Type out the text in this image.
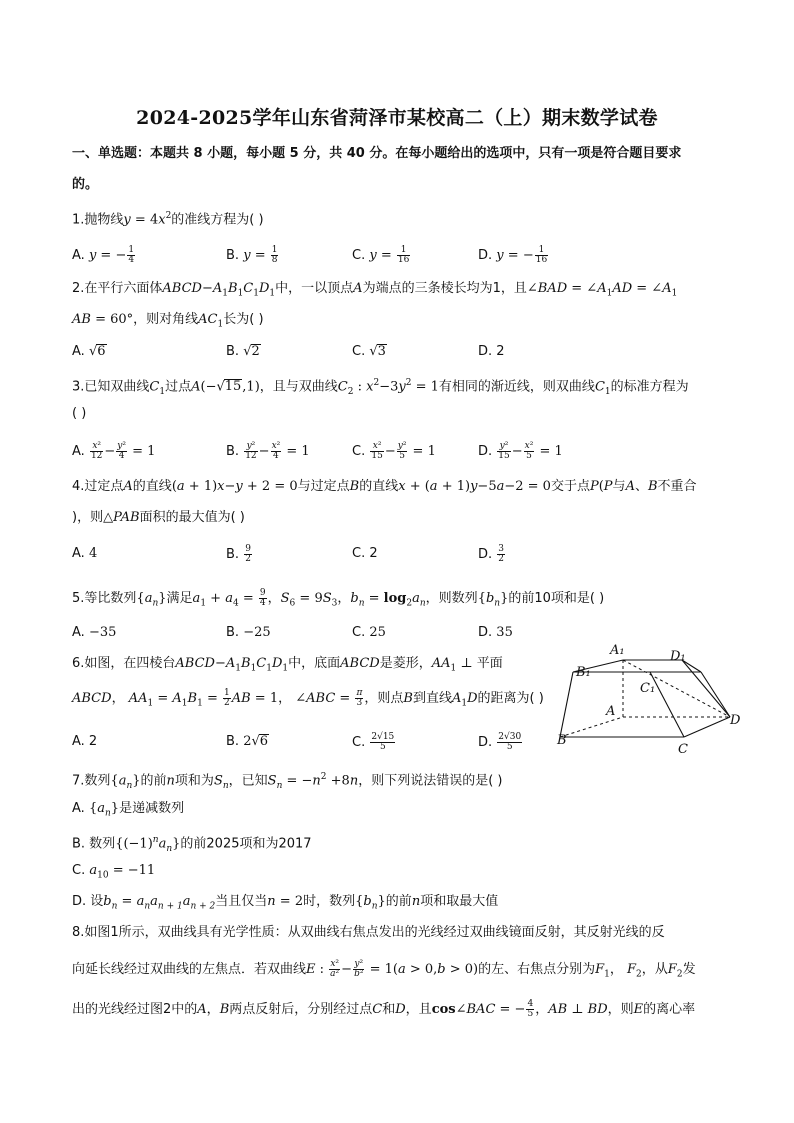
2024-2025学年山东省菏泽市某校高二（上）期末数学试卷
一、单选题：本题共 8 小题，每小题 5 分，共 40 分。在每小题给出的选项中，只有一项是符合题目要求
的。
1.抛物线$y = 4x^2$的准线方程为( )
A. y = − $\frac{1}{4}$	B. $y = \frac{1}{8}$	C. $y = \frac{1}{16}$	D. y = − $\frac{1}{16}$
2.在平行六面体$ABCD-A_1B_1C_1D_1$中，一以顶点A为端点的三条棱长均为1，且∠BAD = $\angle A_1AD$ = $\angle A_1$
AB = 60°，则对角线$AC_1$长为( )
A. √6	B. √2	C. √3	D. 2
3.已知双曲线$C_1$过点A(−√15,1)，且与双曲线$C_2$ : $x^2-3y^2 = 1$有相同的渐近线，则双曲线$C_1$的标准方程为
( )
A. $\frac{\text{x²}}{12} - \frac{\text{y²}}{4} = 1$	B. $\frac{\text{y²}}{12} - \frac{\text{x²}}{4} = 1$	C. $\frac{\text{x²}}{15} - \frac{\text{y²}}{5} = 1$	D. $\frac{\text{y²}}{15} - \frac{\text{x²}}{5} = 1$
4.过定点A的直线(a + 1)x−y + 2 = 0与过定点B的直线x + (a + 1)y−5a−2 = 0交于点P(P与A、B不重合
)，则△PAB面积的最大值为( )
A. 4	B. $\frac{9}{2}$	C. 2	D. $\frac{3}{2}$
5.等比数列$\{a_n\}$满足$a_1 + a_4 = \frac{9}{4}$ ，$S_6 = 9S_3$，$b_n = \log_2a_n$，则数列$\{b_n\}$的前10项和是( )
A. −35	B. −25	C. 25	D. 35
6.如图，在四棱台$ABCD-A_1B_1C_1D_1$中，底面ABCD是菱形，$AA_1$ ⊥ 平面
ABCD， $AA_1 = A_1B_1 = \frac{1}{2}$ AB = 1， ∠ABC = $\frac{\pi}{3}$ ，则点B到直线$A_1D$的距离为( )
A. 2	B. 2√6	C. $\frac{2√15}{5}$	D. $\frac{2√30}{5}$
A₁	D₁
B₁
C₁
A
D
B
C
7.数列$\{a_n\}$的前n项和为$S_n$，已知$S_n = -n^2 +8n$，则下列说法错误的是( )
A. $\{a_n\}$是递减数列
B. 数列$\{(-1)^na_n\}$的前2025项和为2017
C. $a_{10} = -11$
D. 设$b_n = a_na_{n + 1}a_{n + 2}$当且仅当n = 2时，数列$\{b_n\}$的前n项和取最大值
8.如图1所示，双曲线具有光学性质：从双曲线右焦点发出的光线经过双曲线镜面反射，其反射光线的反
向延长线经过双曲线的左焦点．若双曲线E : $\frac{\text{x²}}{\text{a²}} - \frac{\text{y²}}{\text{b²}} = 1(a > 0,b > 0)$的左、右焦点分别为$F_1$， $F_2$，从$F_2$发
出的光线经过图2中的A，B两点反射后，分别经过点C和D，且cos∠BAC = − $\frac{4}{5}$ ，AB ⊥ BD，则E的离心率
